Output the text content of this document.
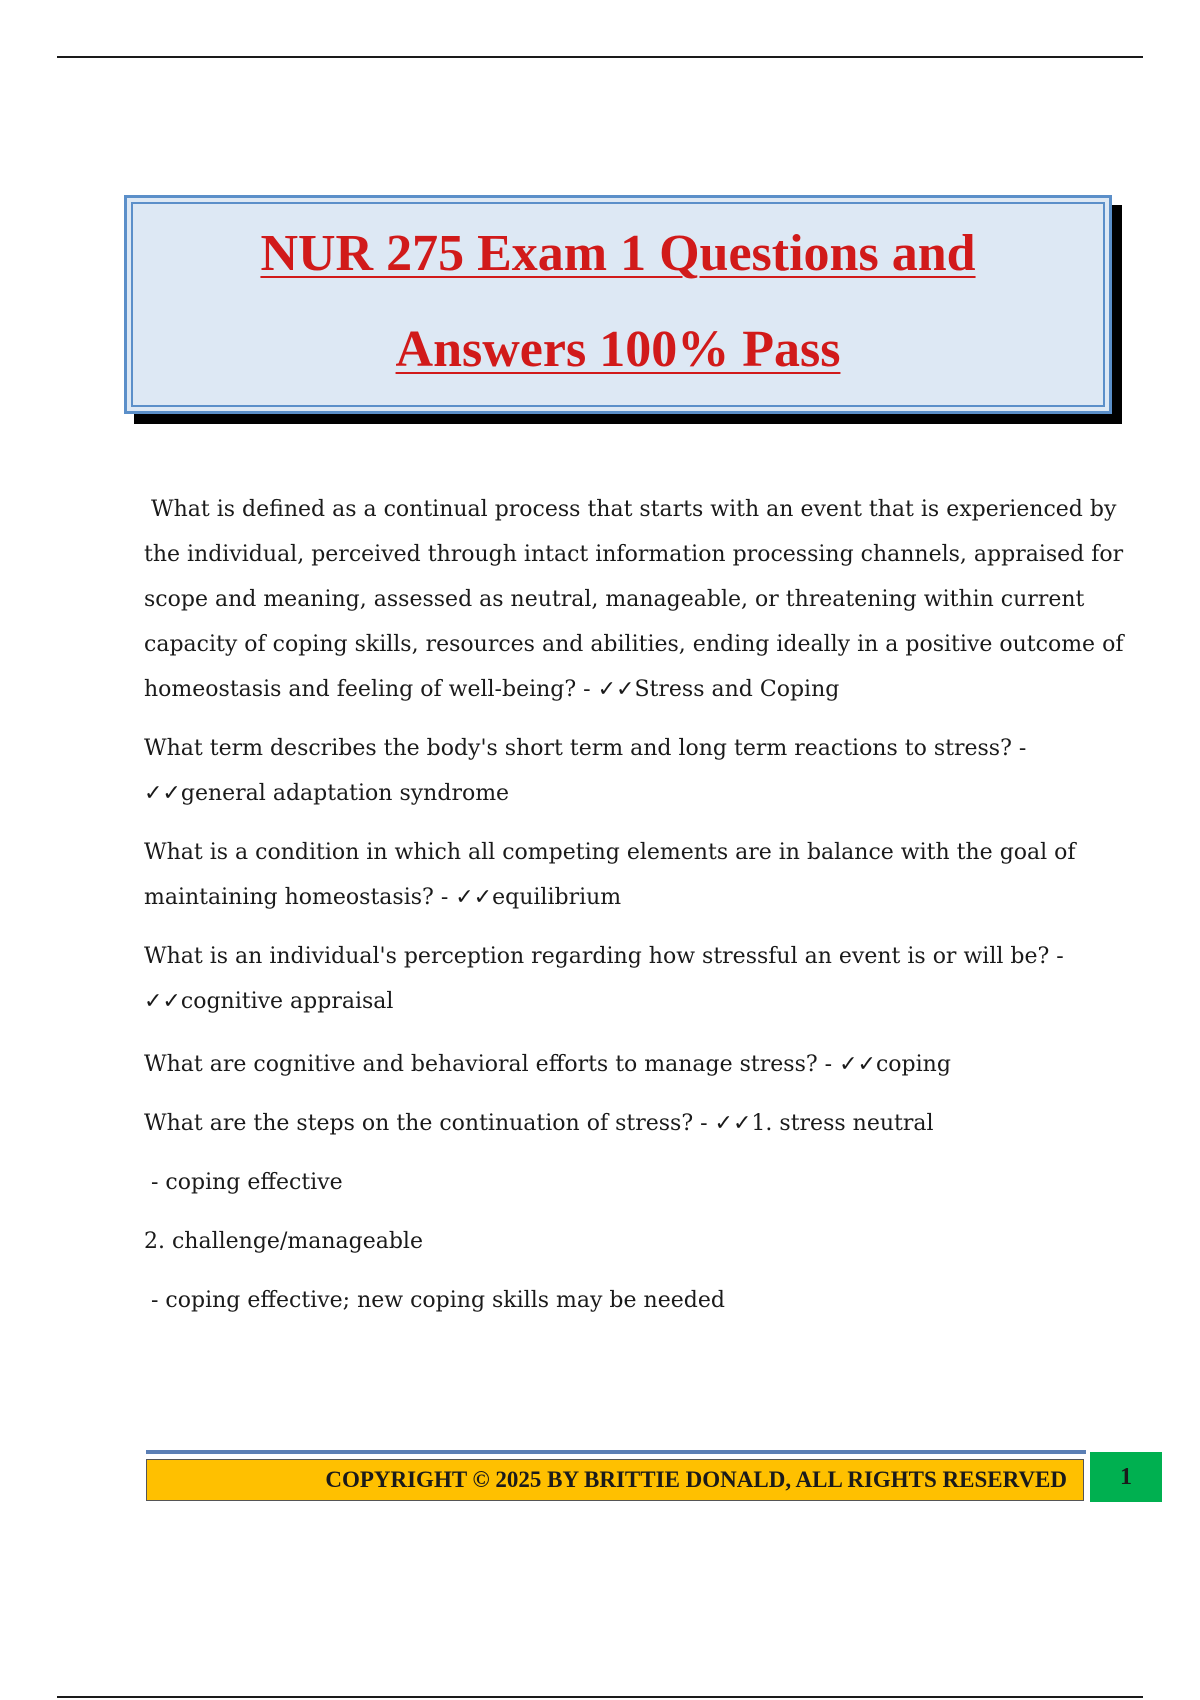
NUR 275 Exam 1 Questions and
Answers 100% Pass

What is defined as a continual process that starts with an event that is experienced by
the individual, perceived through intact information processing channels, appraised for
scope and meaning, assessed as neutral, manageable, or threatening within current
capacity of coping skills, resources and abilities, ending ideally in a positive outcome of
homeostasis and feeling of well-being? - ✓✓Stress and Coping

What term describes the body's short term and long term reactions to stress? -
✓✓general adaptation syndrome

What is a condition in which all competing elements are in balance with the goal of
maintaining homeostasis? - ✓✓equilibrium

What is an individual's perception regarding how stressful an event is or will be? -
✓✓cognitive appraisal

What are cognitive and behavioral efforts to manage stress? - ✓✓coping

What are the steps on the continuation of stress? - ✓✓1. stress neutral

- coping effective

2. challenge/manageable

- coping effective; new coping skills may be needed

COPYRIGHT © 2025 BY BRITTIE DONALD, ALL RIGHTS RESERVED	1
